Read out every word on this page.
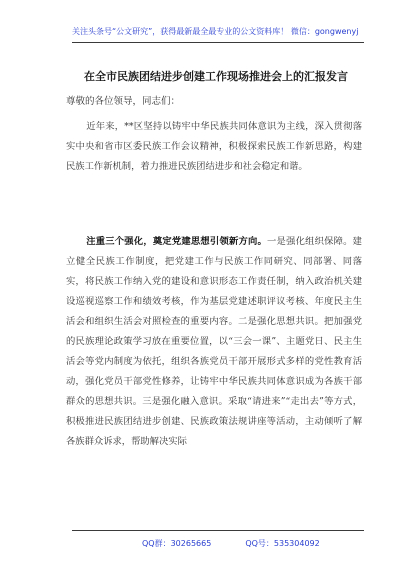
关注头条号“公文研究”，获得最新最全最专业的公文资料库！ 微信：gongwenyj
在全市民族团结进步创建工作现场推进会上的汇报发言
尊敬的各位领导，同志们：
近年来，**区坚持以铸牢中华民族共同体意识为主线，深入贯彻落实中央和省市区委民族工作会议精神，积极探索民族工作新思路，构建民族工作新机制，着力推进民族团结进步和社会稳定和谐。
注重三个强化，奠定党建思想引领新方向。一是强化组织保障。建立健全民族工作制度，把党建工作与民族工作同研究、同部署、同落实，将民族工作纳入党的建设和意识形态工作责任制，纳入政治机关建设巡视巡察工作和绩效考核，作为基层党建述职评议考核、年度民主生活会和组织生活会对照检查的重要内容。二是强化思想共识。把加强党的民族理论政策学习放在重要位置，以“三会一课”、主题党日、民主生活会等党内制度为依托，组织各族党员干部开展形式多样的党性教育活动，强化党员干部党性修养，让铸牢中华民族共同体意识成为各族干部群众的思想共识。三是强化融入意识。采取“请进来”“走出去”等方式，积极推进民族团结进步创建、民族政策法规讲座等活动，主动倾听了解各族群众诉求，帮助解决实际
QQ群：30265665	QQ号：535304092
